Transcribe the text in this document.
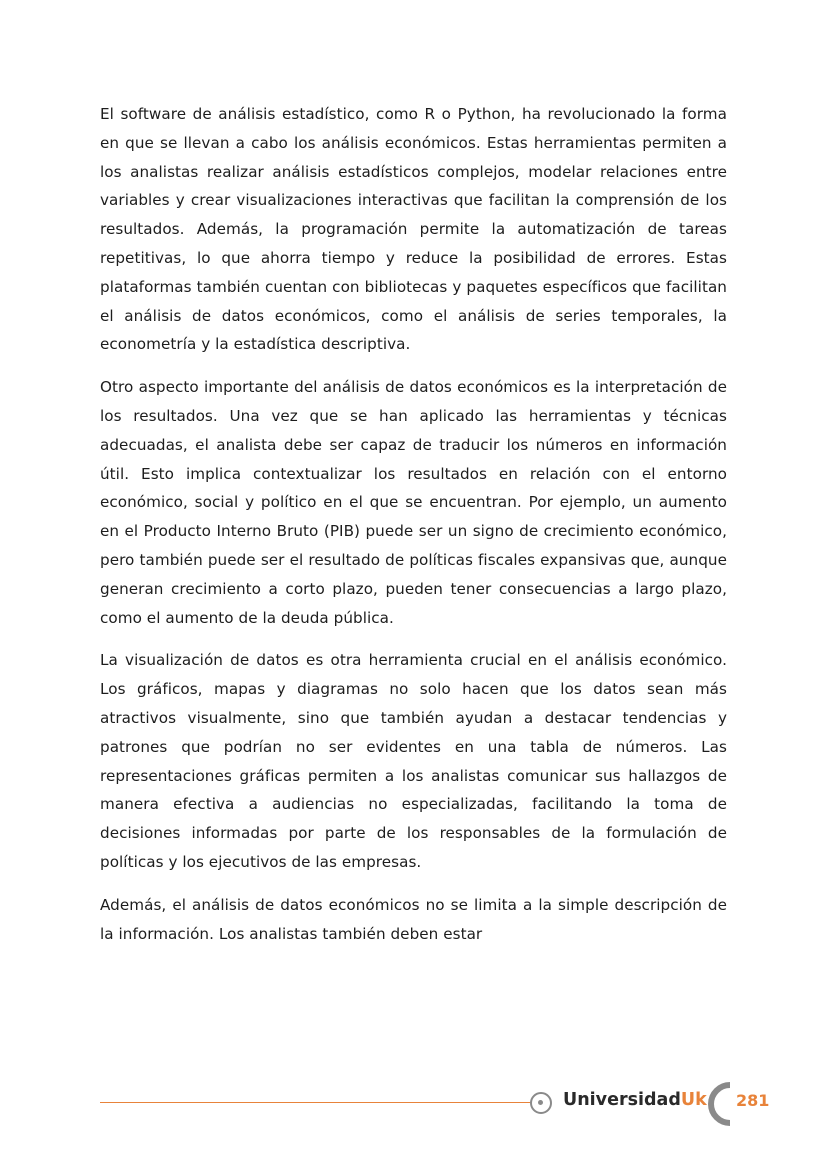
El software de análisis estadístico, como R o Python, ha revolucionado la forma en que se llevan a cabo los análisis económicos. Estas herramientas permiten a los analistas realizar análisis estadísticos complejos, modelar relaciones entre variables y crear visualizaciones interactivas que facilitan la comprensión de los resultados. Además, la programación permite la automatización de tareas repetitivas, lo que ahorra tiempo y reduce la posibilidad de errores. Estas plataformas también cuentan con bibliotecas y paquetes específicos que facilitan el análisis de datos económicos, como el análisis de series temporales, la econometría y la estadística descriptiva.

Otro aspecto importante del análisis de datos económicos es la interpretación de los resultados. Una vez que se han aplicado las herramientas y técnicas adecuadas, el analista debe ser capaz de traducir los números en información útil. Esto implica contextualizar los resultados en relación con el entorno económico, social y político en el que se encuentran. Por ejemplo, un aumento en el Producto Interno Bruto (PIB) puede ser un signo de crecimiento económico, pero también puede ser el resultado de políticas fiscales expansivas que, aunque generan crecimiento a corto plazo, pueden tener consecuencias a largo plazo, como el aumento de la deuda pública.

La visualización de datos es otra herramienta crucial en el análisis económico. Los gráficos, mapas y diagramas no solo hacen que los datos sean más atractivos visualmente, sino que también ayudan a destacar tendencias y patrones que podrían no ser evidentes en una tabla de números. Las representaciones gráficas permiten a los analistas comunicar sus hallazgos de manera efectiva a audiencias no especializadas, facilitando la toma de decisiones informadas por parte de los responsables de la formulación de políticas y los ejecutivos de las empresas.

Además, el análisis de datos económicos no se limita a la simple descripción de la información. Los analistas también deben estar

UniversidadUk 281
